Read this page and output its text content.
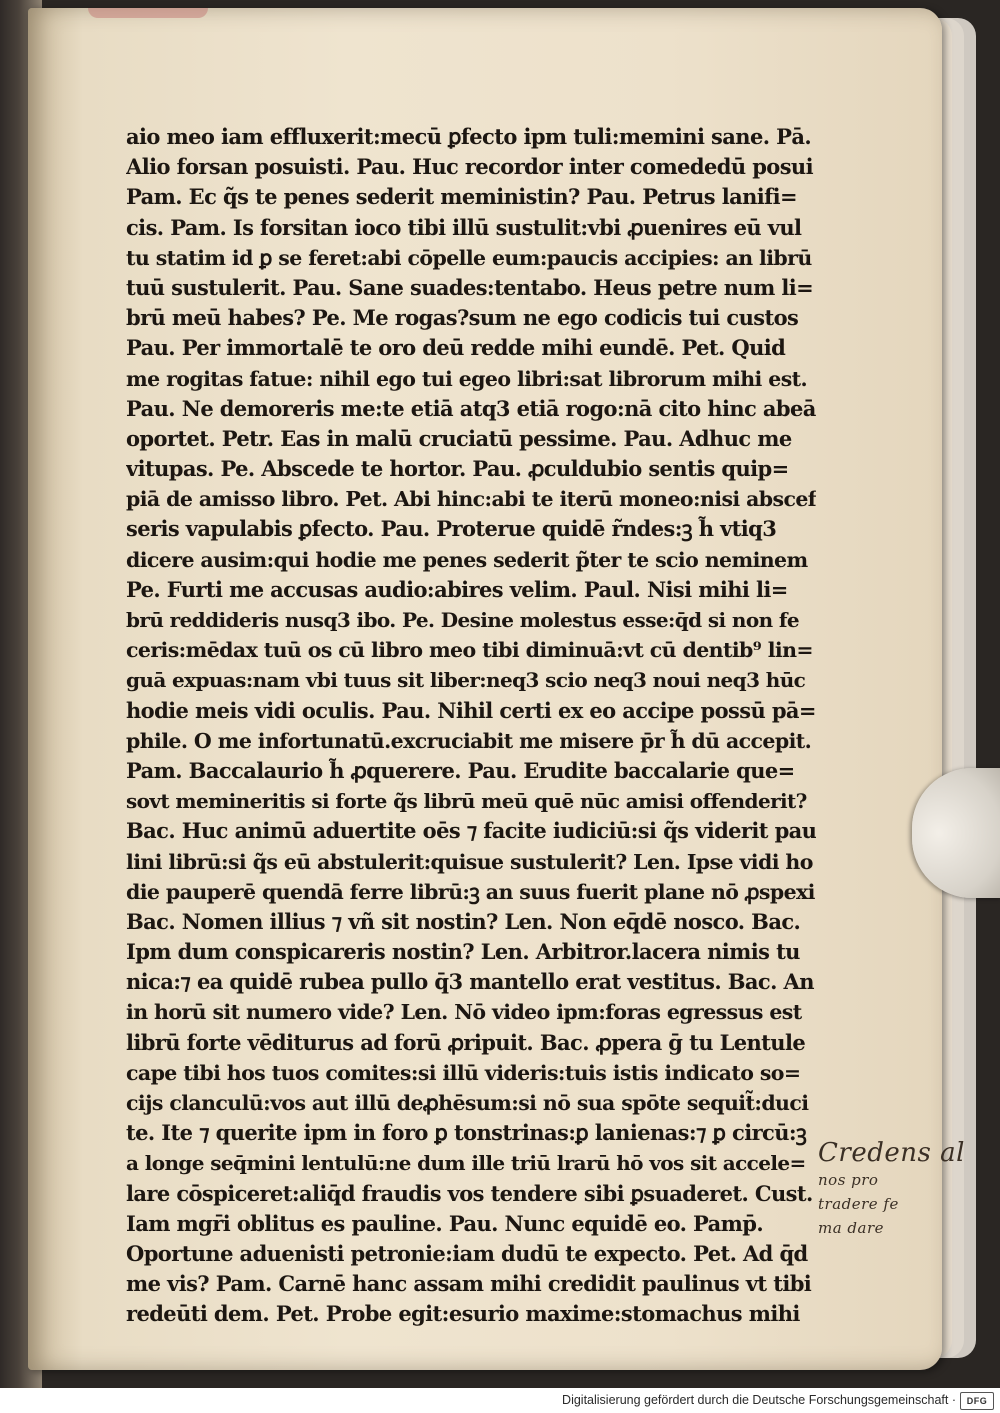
aio meo iam effluxerit:mecū ꝑfecto ipm tuli:memini sane. Pā.
Alio forsan posuisti. Pau. Huc recordor inter comededū posui
Pam. Ec q̃s te penes sederit meministin? Pau. Petrus lanifi=
cis. Pam. Is forsitan ioco tibi illū sustulit:vbi ꝓuenires eū vul
tu statim id ꝑ se feret:abi cōpelle eum:paucis accipies: an librū
tuū sustulerit. Pau. Sane suades:tentabo. Heus petre num li=
brū meū habes? Pe. Me rogas?sum ne ego codicis tui custos
Pau. Per immortalē te oro deū redde mihi eundē. Pet. Quid
me rogitas fatue: nihil ego tui egeo libri:sat librorum mihi est.
Pau. Ne demoreris me:te etiā atq3 etiā rogo:nā cito hinc abeā
oportet. Petr. Eas in malū cruciatū pessime. Pau. Adhuc me
vitupas. Pe. Abscede te hortor. Pau. ꝓculdubio sentis quip=
piā de amisso libro. Pet. Abi hinc:abi te iterū moneo:nisi abscef
seris vapulabis ꝑfecto. Pau. Proterue quidē r̃ndes:ꝫ h̃ vtiq3
dicere ausim:qui hodie me penes sederit p̃ter te scio neminem
Pe. Furti me accusas audio:abires velim. Paul. Nisi mihi li=
brū reddideris nusq3 ibo. Pe. Desine molestus esse:q̄d si non fe
ceris:mēdax tuū os cū libro meo tibi diminuā:vt cū dentib⁹ lin=
guā expuas:nam vbi tuus sit liber:neq3 scio neq3 noui neq3 hūc
hodie meis vidi oculis. Pau. Nihil certi ex eo accipe possū pā=
phile. O me infortunatū.excruciabit me misere p̄r h̃ dū accepit.
Pam. Baccalaurio h̃ ꝓquerere. Pau. Erudite baccalarie que=
sovt memineritis si forte q̃s librū meū quē nūc amisi offenderit?
Bac. Huc animū aduertite oēs ⁊ facite iudiciū:si q̃s viderit pau
lini librū:si q̃s eū abstulerit:quisue sustulerit? Len. Ipse vidi ho
die pauperē quendā ferre librū:ꝫ an suus fuerit plane nō ꝓspexi
Bac. Nomen illius ⁊ vñ sit nostin? Len. Non eq̄dē nosco. Bac.
Ipm dum conspicareris nostin? Len. Arbitror.lacera nimis tu
nica:⁊ ea quidē rubea pullo q̄3 mantello erat vestitus. Bac. An
in horū sit numero vide? Len. Nō video ipm:foras egressus est
librū forte vēditurus ad forū ꝓripuit. Bac. ꝓpera ḡ tu Lentule
cape tibi hos tuos comites:si illū videris:tuis istis indicato so=
cijs clanculū:vos aut illū deꝓhēsum:si nō sua spōte sequit̃:duci
te. Ite ⁊ querite ipm in foro ꝑ tonstrinas:ꝑ lanienas:⁊ ꝑ circū:ꝫ
a longe seq̄mini lentulū:ne dum ille triū lrarū hō vos sit accele=
lare cōspiceret:aliq̄d fraudis vos tendere sibi ꝑsuaderet. Cust.
Iam mgr̄i oblitus es pauline. Pau. Nunc equidē eo. Pamp̄.
Oportune aduenisti petronie:iam dudū te expecto. Pet. Ad q̄d
me vis? Pam. Carnē hanc assam mihi credidit paulinus vt tibi
redeūti dem. Pet. Probe egit:esurio maxime:stomachus mihi
Credens al
nos pro
tradere fe
ma dare
Digitalisierung gefördert durch die Deutsche Forschungsgemeinschaft ·	DFG
